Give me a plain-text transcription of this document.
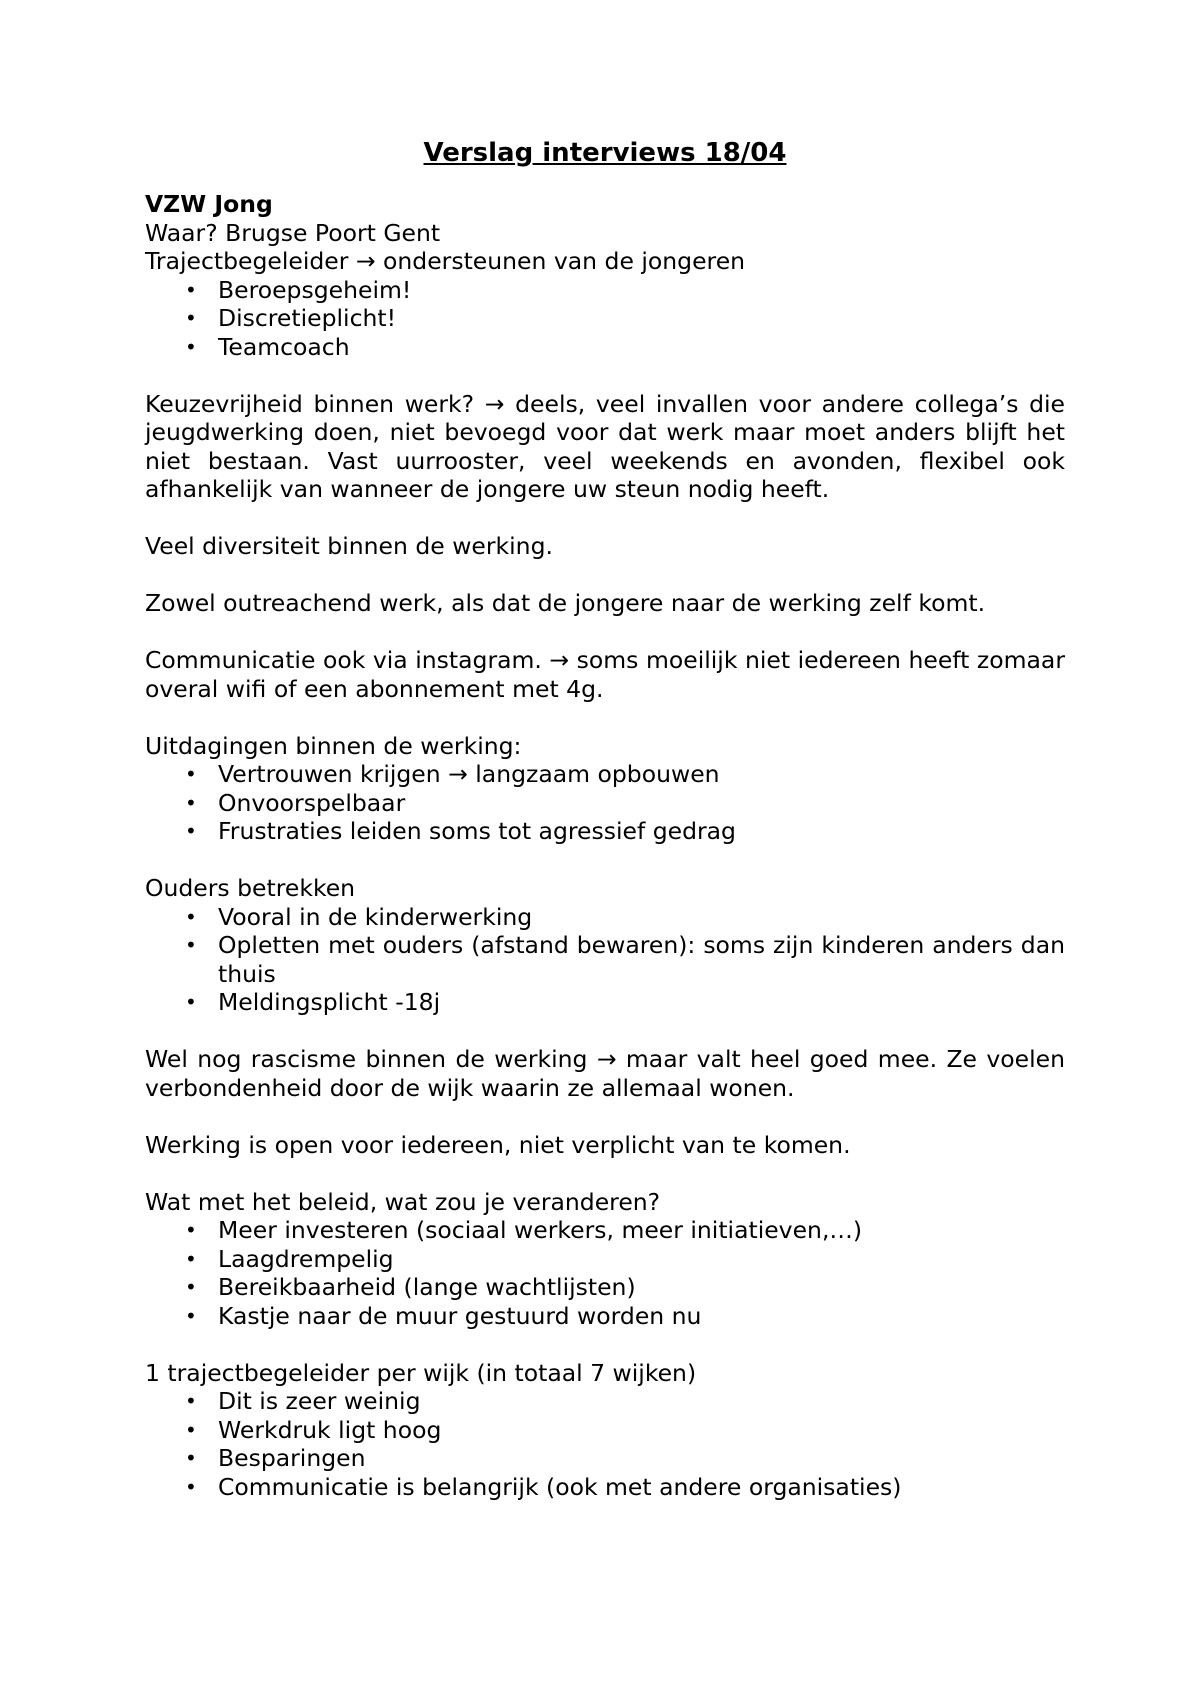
Verslag interviews 18/04

VZW Jong

Waar? Brugse Poort Gent

Trajectbegeleider → ondersteunen van de jongeren

• Beroepsgeheim!
• Discretieplicht!
• Teamcoach

Keuzevrijheid binnen werk? → deels, veel invallen voor andere collega’s die jeugdwerking doen, niet bevoegd voor dat werk maar moet anders blijft het niet bestaan. Vast uurrooster, veel weekends en avonden, flexibel ook afhankelijk van wanneer de jongere uw steun nodig heeft.

Veel diversiteit binnen de werking.

Zowel outreachend werk, als dat de jongere naar de werking zelf komt.

Communicatie ook via instagram. → soms moeilijk niet iedereen heeft zomaar overal wifi of een abonnement met 4g.

Uitdagingen binnen de werking:

• Vertrouwen krijgen → langzaam opbouwen
• Onvoorspelbaar
• Frustraties leiden soms tot agressief gedrag

Ouders betrekken

• Vooral in de kinderwerking
• Opletten met ouders (afstand bewaren): soms zijn kinderen anders dan thuis
• Meldingsplicht -18j

Wel nog rascisme binnen de werking → maar valt heel goed mee. Ze voelen verbondenheid door de wijk waarin ze allemaal wonen.

Werking is open voor iedereen, niet verplicht van te komen.

Wat met het beleid, wat zou je veranderen?

• Meer investeren (sociaal werkers, meer initiatieven,…)
• Laagdrempelig
• Bereikbaarheid (lange wachtlijsten)
• Kastje naar de muur gestuurd worden nu

1 trajectbegeleider per wijk (in totaal 7 wijken)

• Dit is zeer weinig
• Werkdruk ligt hoog
• Besparingen
• Communicatie is belangrijk (ook met andere organisaties)
